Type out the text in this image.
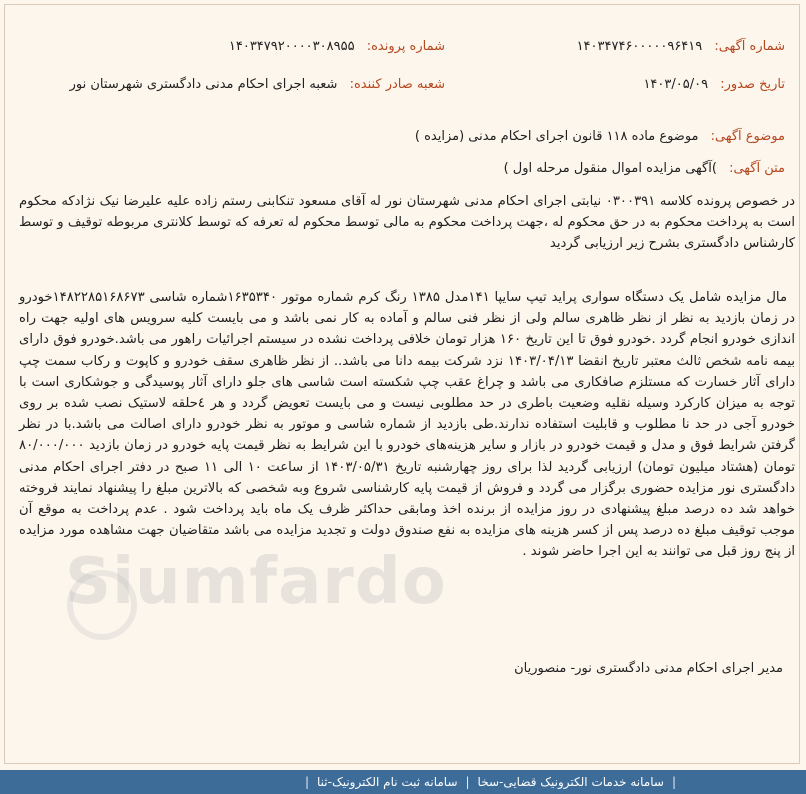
شماره آگهی: ۱۴۰۳۴۷۴۶۰۰۰۰۰۹۶۴۱۹
شماره پرونده: ۱۴۰۳۴۷۹۲۰۰۰۰۳۰۸۹۵۵
تاریخ صدور: ۱۴۰۳/۰۵/۰۹
شعبه صادر کننده: شعبه اجرای احکام مدنی دادگستری شهرستان نور
موضوع آگهی: موضوع ماده ۱۱۸ قانون اجرای احکام مدنی (مزایده )
متن آگهی: )آگهی مزایده اموال منقول مرحله اول )
Siumfardo
در خصوص پرونده کلاسه ۰۳۰۰۳۹۱ نیابتی اجرای احکام مدنی شهرستان نور له آقای مسعود تنکابنی رستم زاده علیه علیرضا نیک نژادکه محکوم است به پرداخت محکوم به در حق محکوم له ،جهت پرداخت محکوم به مالی توسط محکوم له تعرفه که توسط کلانتری مربوطه توقیف و توسط کارشناس دادگستری بشرح زیر ارزیابی گردید
مال مزایده شامل یک دستگاه سواری پراید تیپ سایپا ۱۴۱مدل ۱۳۸۵ رنگ کرم شماره موتور ۱۶۳۵۳۴۰شماره شاسی ۱۴۸۲۲۸۵۱۶۸۶۷۳خودرو در زمان بازدید به نظر از نظر ظاهری سالم ولی از نظر فنی سالم و آماده به کار نمی باشد و می بایست کلیه سرویس های اولیه جهت راه اندازی خودرو انجام گردد .خودرو فوق تا این تاریخ ۱۶۰ هزار تومان خلافی پرداخت نشده در سیستم اجرائیات راهور می باشد.خودرو فوق دارای بیمه نامه شخص ثالث معتبر تاریخ انقضا ۱۴۰۳/۰۴/۱۳ نزد شرکت بیمه دانا می باشد.. از نظر ظاهری سقف خودرو و کاپوت و رکاب سمت چپ دارای آثار خسارت که مستلزم صافکاری می باشد و چراغ عقب چپ شکسته است شاسی های جلو دارای آثار پوسیدگی و جوشکاری است با توجه به میزان کارکرد وسیله نقلیه وضعیت باطری در حد مطلوبی نیست و می بایست تعویض گردد و هر ٤حلقه لاستیک نصب شده بر روی خودرو آجی در حد نا مطلوب و قابلیت استفاده ندارند.طی بازدید از شماره شاسی و موتور به نظر خودرو دارای اصالت می باشد.با در نظر گرفتن شرایط فوق و مدل و قیمت خودرو در بازار و سایر هزینه‌های خودرو با این شرایط به نظر قیمت پایه خودرو در زمان بازدید ۸۰/۰۰۰/۰۰۰ تومان (هشتاد میلیون تومان) ارزیابی گردید لذا برای روز چهارشنبه تاریخ ۱۴۰۳/۰۵/۳۱ از ساعت ۱۰ الی ۱۱ صبح در دفتر اجرای احکام مدنی دادگستری نور مزایده حضوری برگزار می گردد و فروش از قیمت پایه کارشناسی شروع وبه شخصی که بالاترین مبلغ را پیشنهاد نمایند فروخته خواهد شد ده درصد مبلغ پیشنهادی در روز مزایده از برنده اخذ ومابقی حداکثر ظرف یک ماه باید پرداخت شود . عدم پرداخت به موقع آن موجب توقیف مبلغ ده درصد پس از کسر هزینه های مزایده به نفع صندوق دولت و تجدید مزایده می باشد متقاضیان جهت مشاهده مورد مزایده از پنج روز قبل می توانند به این اجرا حاضر شوند .
مدیر اجرای احکام مدنی دادگستری نور- منصوریان
|
سامانه خدمات الکترونیک قضایی-سخا
|
سامانه ثبت نام الکترونیک-ثنا
|
